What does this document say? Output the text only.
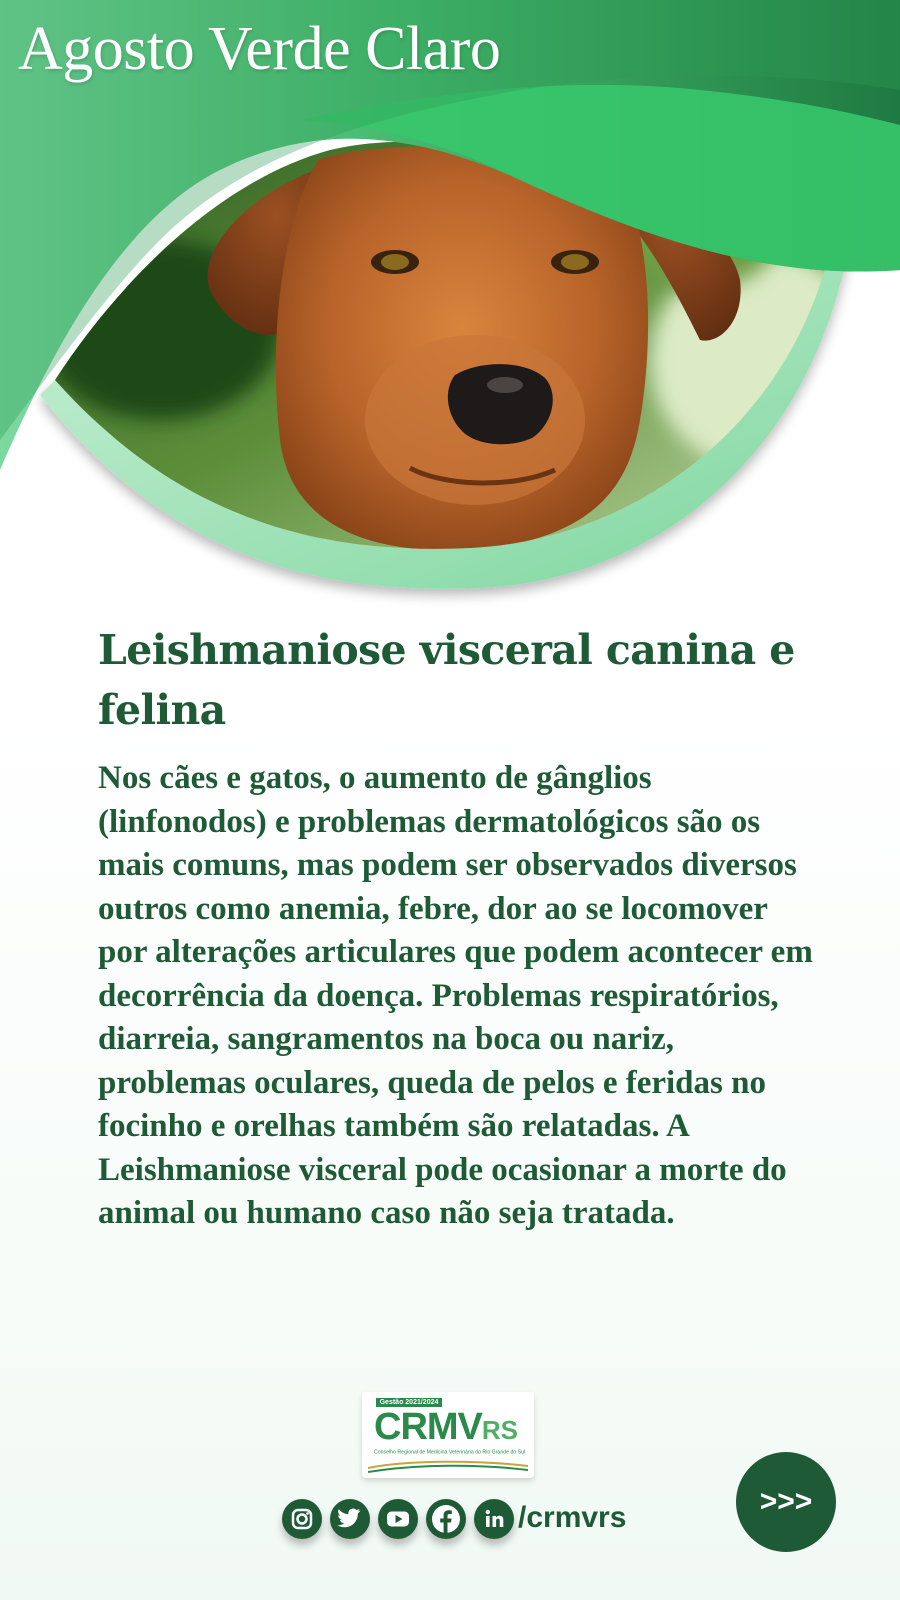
Agosto Verde Claro
Leishmaniose visceral canina e felina

Nos cães e gatos, o aumento de gânglios (linfonodos) e problemas dermatológicos são os mais comuns, mas podem ser observados diversos outros como anemia, febre, dor ao se locomover por alterações articulares que podem acontecer em decorrência da doença. Problemas respiratórios, diarreia, sangramentos na boca ou nariz, problemas oculares, queda de pelos e feridas no focinho e orelhas também são relatadas. A Leishmaniose visceral pode ocasionar a morte do animal ou humano caso não seja tratada.

Gestão 2021/2024
CRMVRS
Conselho Regional de Medicina Veterinária do Rio Grande do Sul
/crmvrs	>>>
